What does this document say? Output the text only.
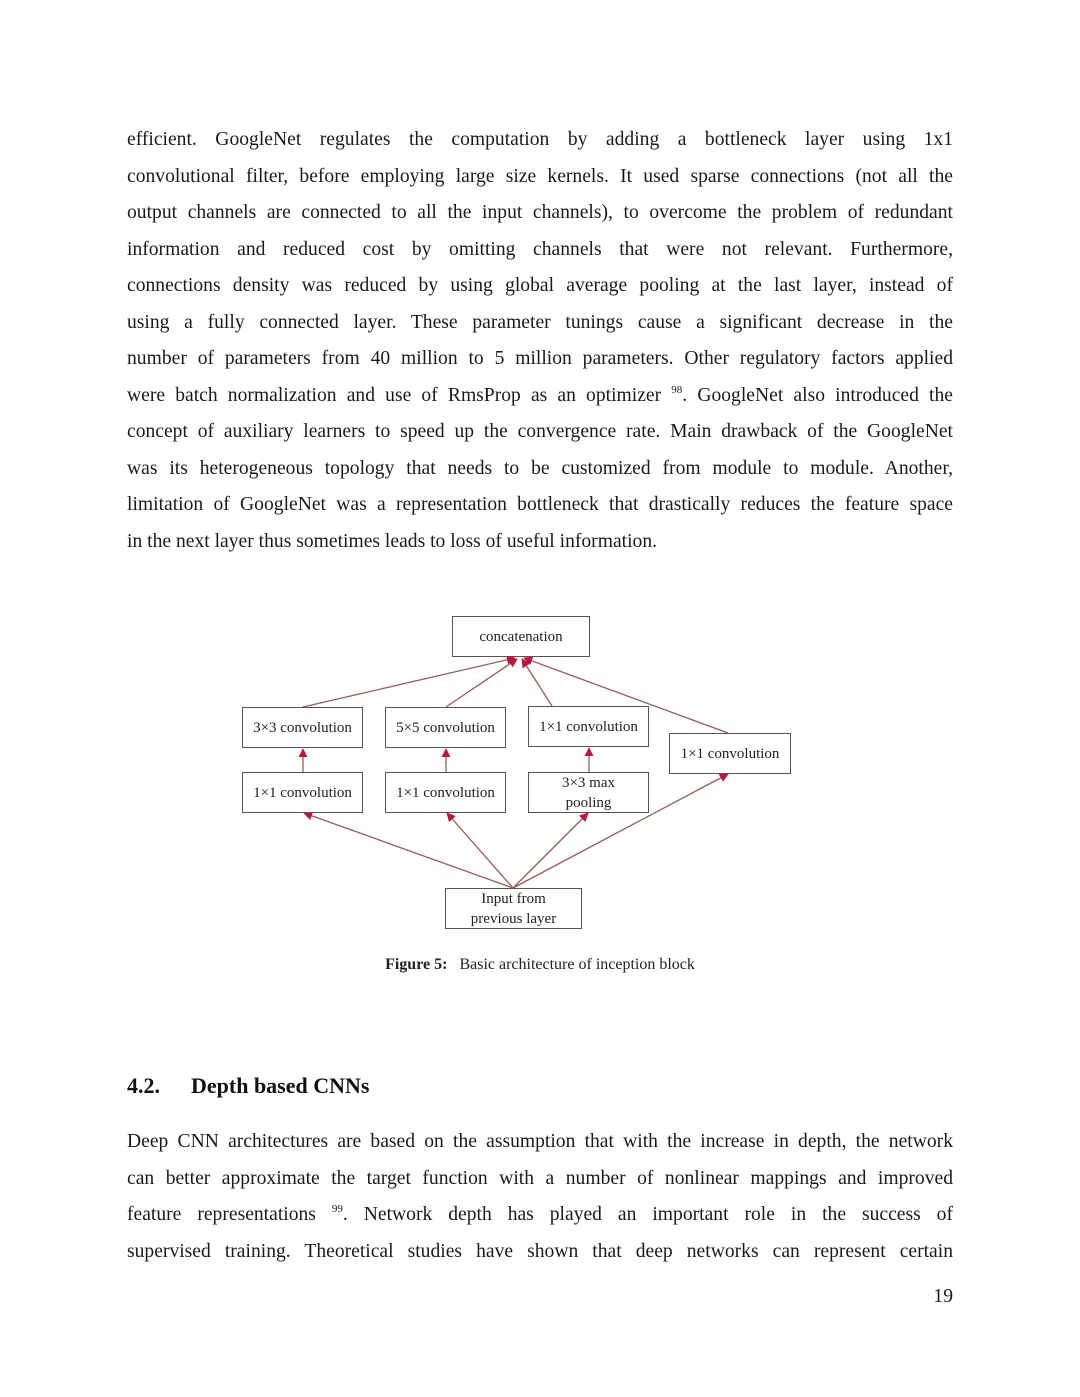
efficient. GoogleNet regulates the computation by adding a bottleneck layer using 1x1
convolutional filter, before employing large size kernels. It used sparse connections (not all the
output channels are connected to all the input channels), to overcome the problem of redundant
information and reduced cost by omitting channels that were not relevant. Furthermore,
connections density was reduced by using global average pooling at the last layer, instead of
using a fully connected layer. These parameter tunings cause a significant decrease in the
number of parameters from 40 million to 5 million parameters. Other regulatory factors applied
were batch normalization and use of RmsProp as an optimizer $^{98}$. GoogleNet also introduced the
concept of auxiliary learners to speed up the convergence rate. Main drawback of the GoogleNet
was its heterogeneous topology that needs to be customized from module to module. Another,
limitation of GoogleNet was a representation bottleneck that drastically reduces the feature space
in the next layer thus sometimes leads to loss of useful information.
concatenation
3×3 convolution	5×5 convolution	1×1 convolution
1×1 convolution
1×1 convolution	1×1 convolution
3×3 max
pooling
Input from
previous layer
Figure 5: Basic architecture of inception block
4.2. Depth based CNNs
Deep CNN architectures are based on the assumption that with the increase in depth, the network
can better approximate the target function with a number of nonlinear mappings and improved
feature representations $^{99}$. Network depth has played an important role in the success of
supervised training. Theoretical studies have shown that deep networks can represent certain
19
